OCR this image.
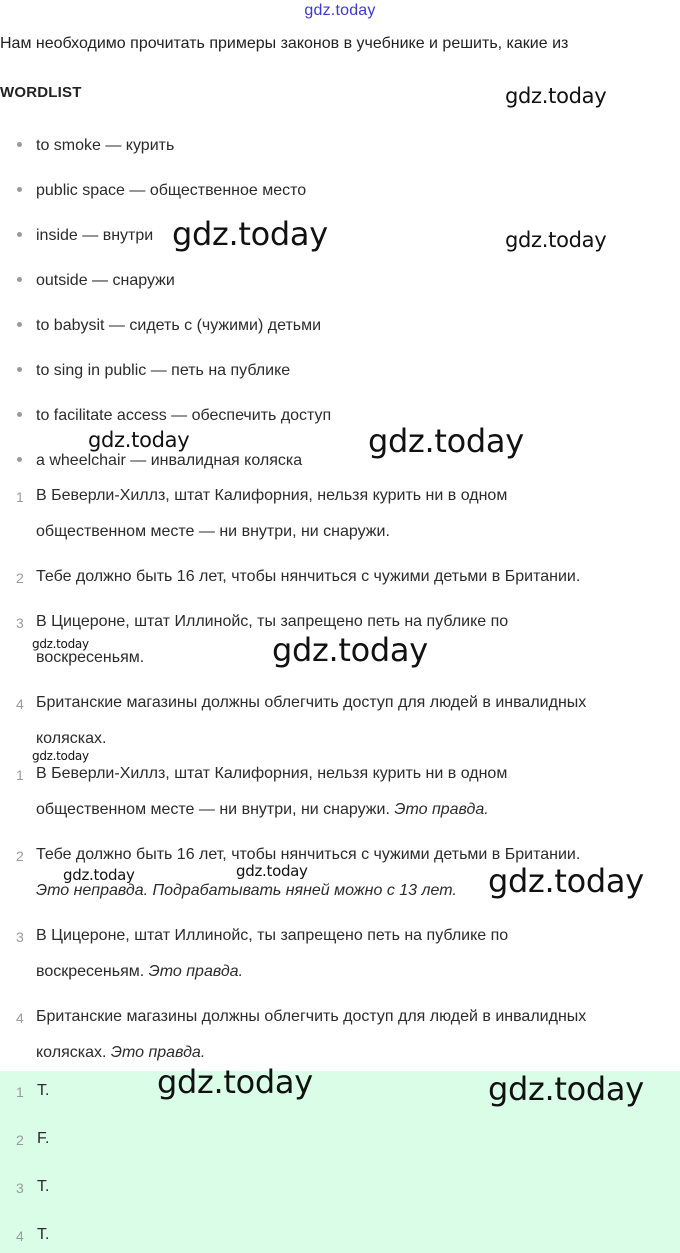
gdz.today
Нам необходимо прочитать примеры законов в учебнике и решить, какие из
WORDLIST
to smoke — курить
public space — общественное место
inside — внутри
outside — снаружи
to babysit — сидеть с (чужими) детьми
to sing in public — петь на публике
to facilitate access — обеспечить доступ
a wheelchair — инвалидная коляска
1 В Беверли-Хиллз, штат Калифорния, нельзя курить ни в одном
общественном месте — ни внутри, ни снаружи.
2 Тебе должно быть 16 лет, чтобы нянчиться с чужими детьми в Британии.
3 В Цицероне, штат Иллинойс, ты запрещено петь на публике по
воскресеньям.
4 Британские магазины должны облегчить доступ для людей в инвалидных
колясках.
1 В Беверли-Хиллз, штат Калифорния, нельзя курить ни в одном
общественном месте — ни внутри, ни снаружи. Это правда.
2 Тебе должно быть 16 лет, чтобы нянчиться с чужими детьми в Британии.
Это неправда. Подрабатывать няней можно с 13 лет.
3 В Цицероне, штат Иллинойс, ты запрещено петь на публике по
воскресеньям. Это правда.
4 Британские магазины должны облегчить доступ для людей в инвалидных
колясках. Это правда.
1 T.
2 F.
3 T.
4 T.
gdz.today
gdz.today	gdz.today
gdz.today	gdz.today
gdz.today	gdz.today
gdz.today
gdz.today	gdz.today	gdz.today
gdz.today	gdz.today
